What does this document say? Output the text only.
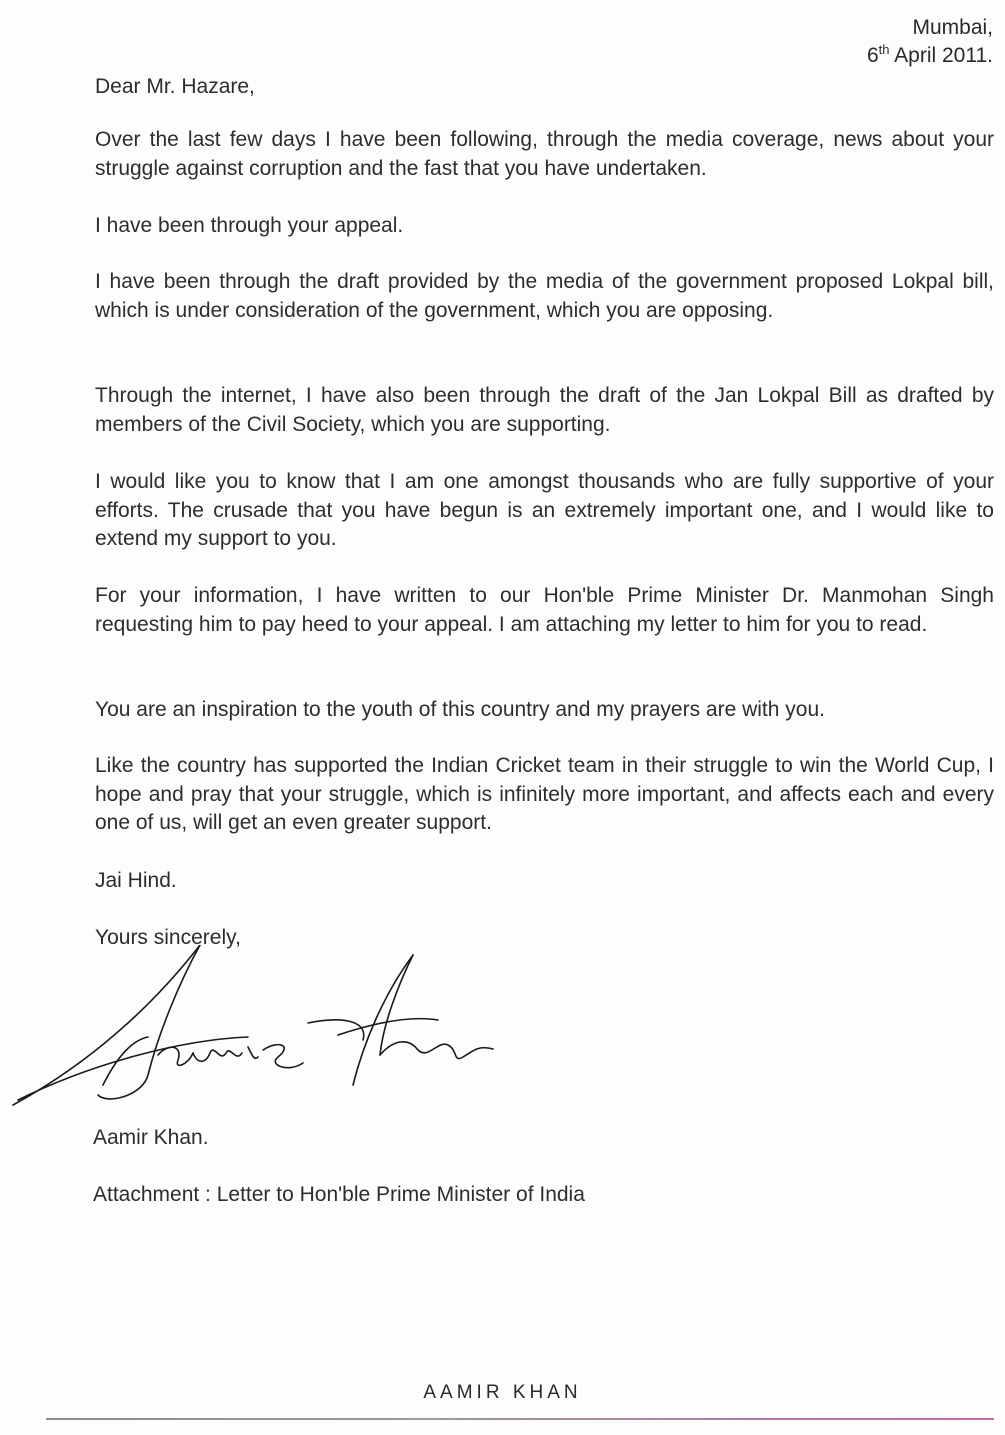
Mumbai,
6th April 2011.
Dear Mr. Hazare,
Over the last few days I have been following, through the media coverage, news about your struggle against corruption and the fast that you have undertaken.
I have been through your appeal.
I have been through the draft provided by the media of the government proposed Lokpal bill, which is under consideration of the government, which you are opposing.
Through the internet, I have also been through the draft of the Jan Lokpal Bill as drafted by members of the Civil Society, which you are supporting.
I would like you to know that I am one amongst thousands who are fully supportive of your efforts. The crusade that you have begun is an extremely important one, and I would like to extend my support to you.
For your information, I have written to our Hon'ble Prime Minister Dr. Manmohan Singh requesting him to pay heed to your appeal. I am attaching my letter to him for you to read.
You are an inspiration to the youth of this country and my prayers are with you.
Like the country has supported the Indian Cricket team in their struggle to win the World Cup, I hope and pray that your struggle, which is infinitely more important, and affects each and every one of us, will get an even greater support.
Jai Hind.
Yours sincerely,
Aamir Khan.
Attachment : Letter to Hon'ble Prime Minister of India
AAMIR KHAN
